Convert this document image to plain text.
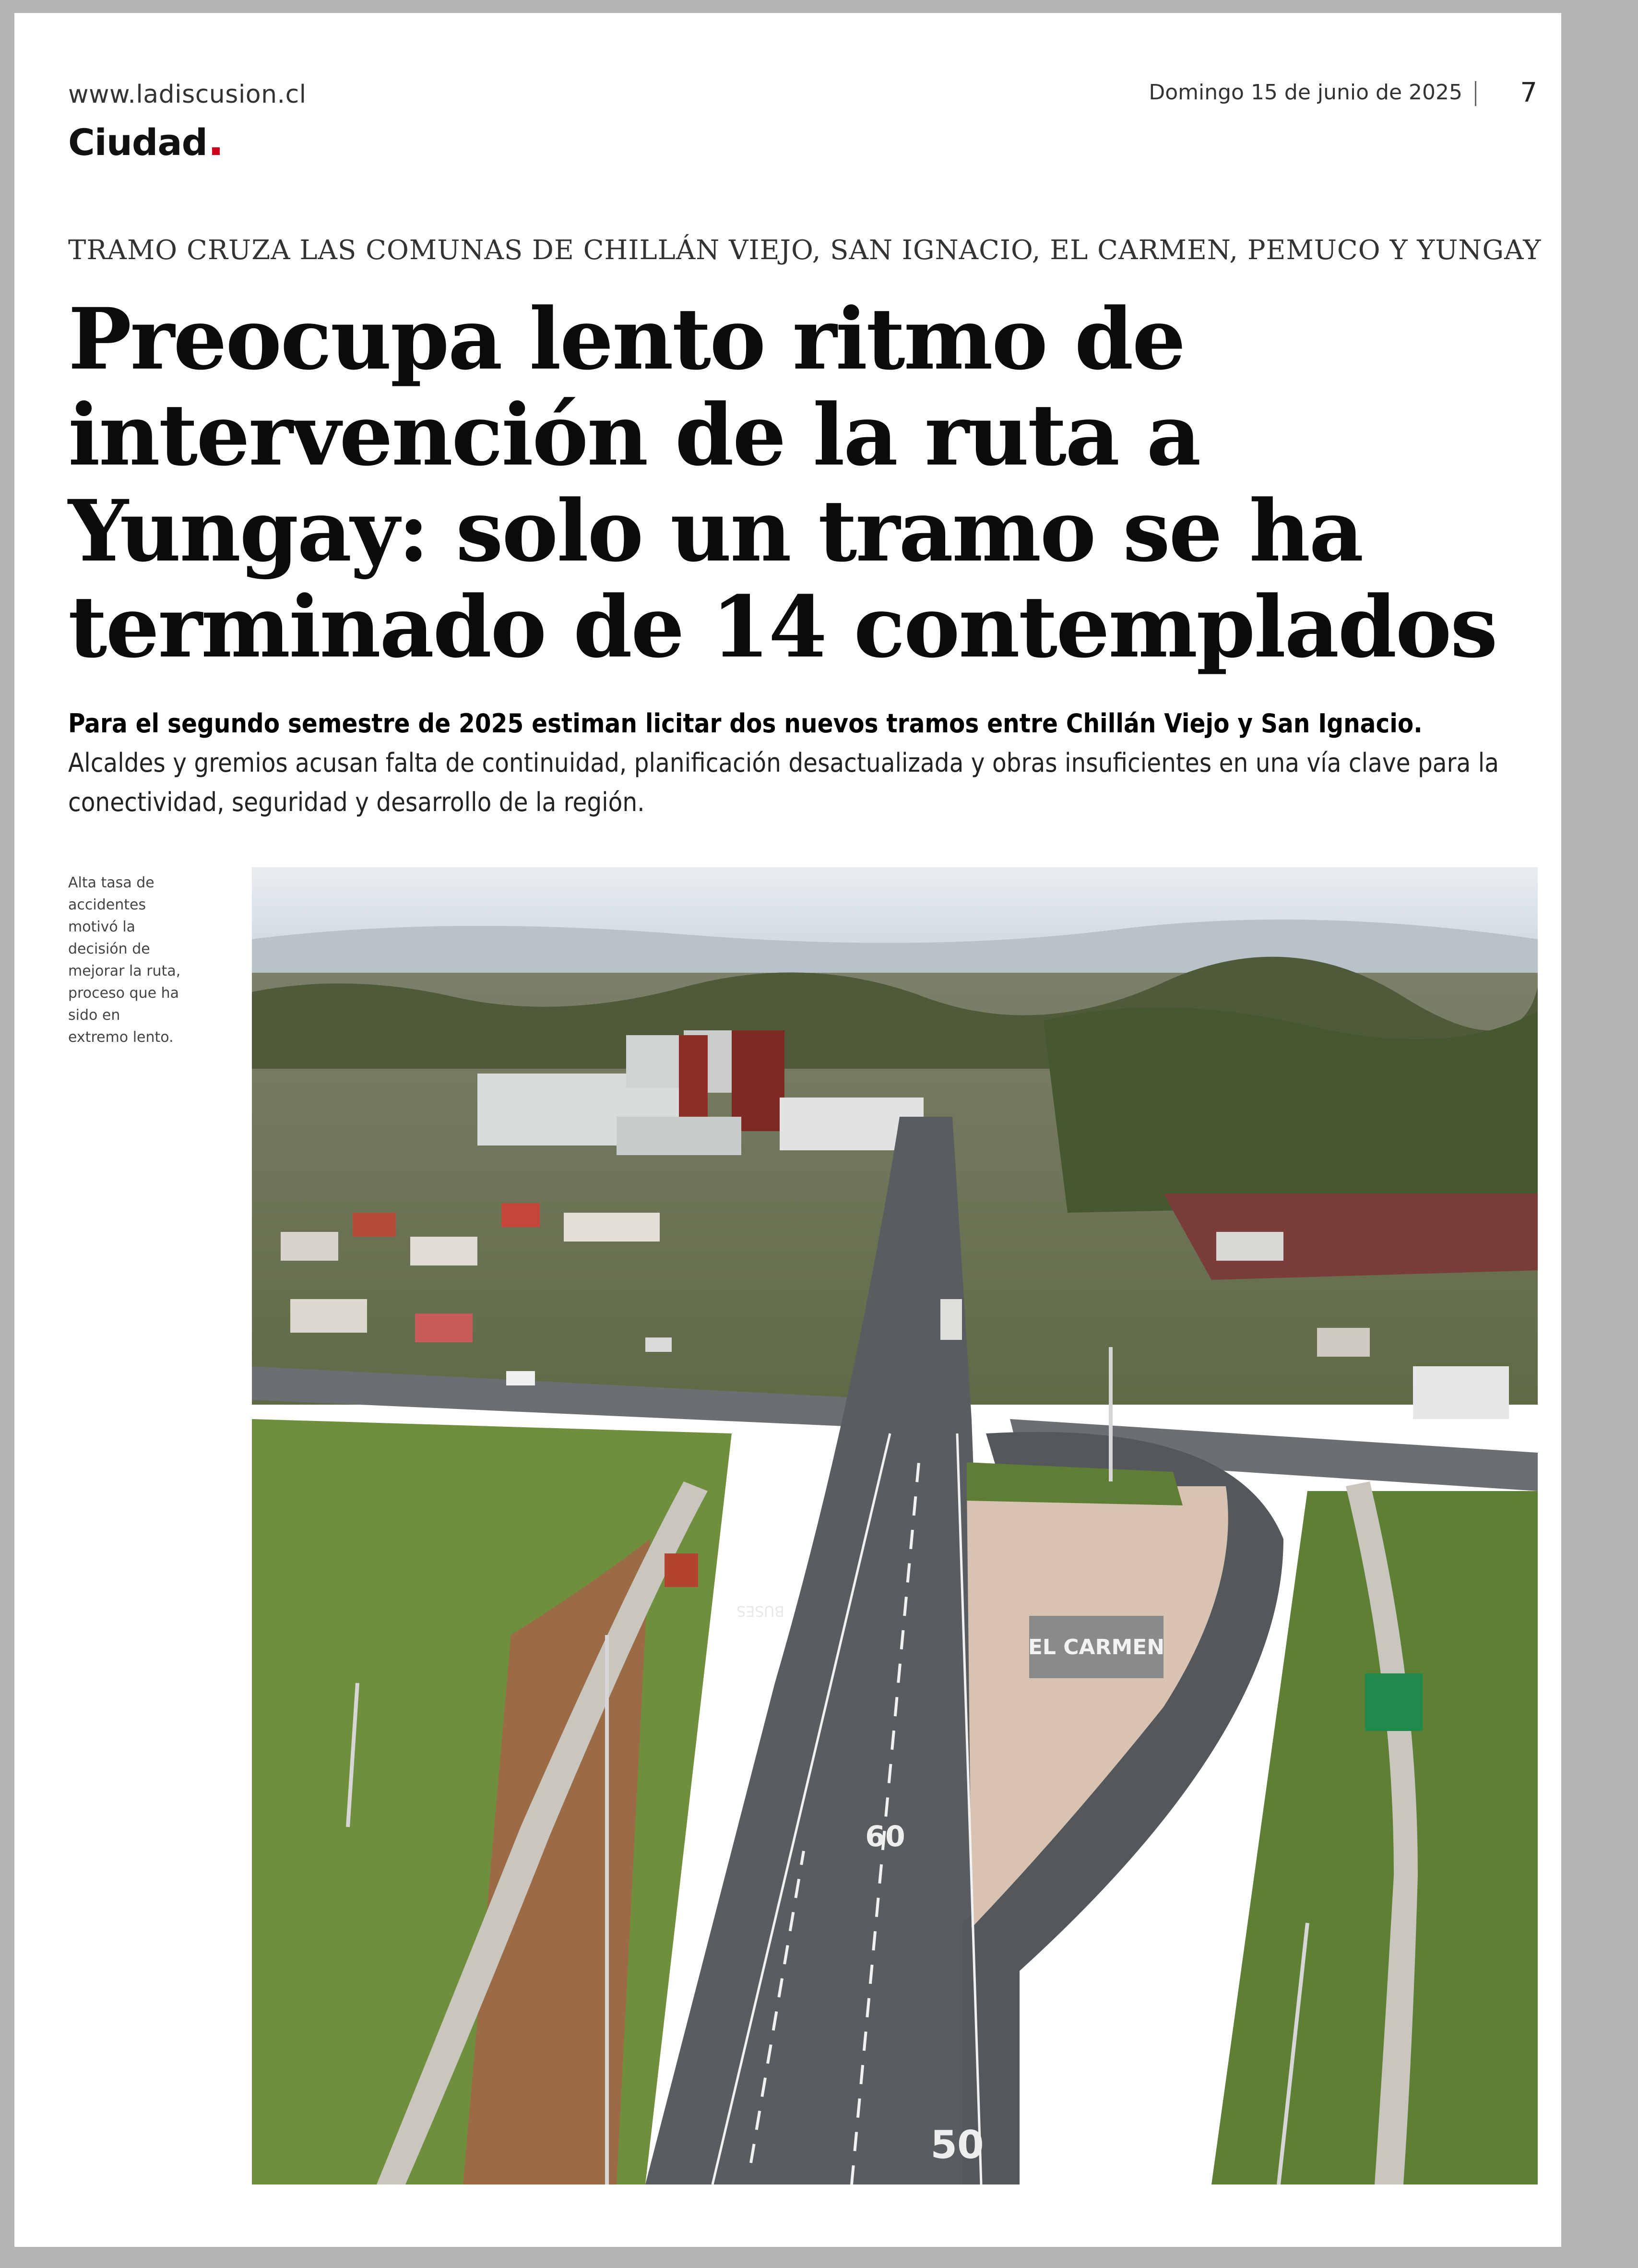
www.ladiscusion.cl	Domingo 15 de junio de 2025	7
Ciudad
TRAMO CRUZA LAS COMUNAS DE CHILLÁN VIEJO, SAN IGNACIO, EL CARMEN, PEMUCO Y YUNGAY
Preocupa lento ritmo de
intervención de la ruta a
Yungay: solo un tramo se ha
terminado de 14 contemplados
Para el segundo semestre de 2025 estiman licitar dos nuevos tramos entre Chillán Viejo y San Ignacio. Alcaldes y gremios acusan falta de continuidad, planificación desactualizada y obras insuficientes en una vía clave para la conectividad, seguridad y desarrollo de la región.
Alta tasa de accidentes motivó la decisión de mejorar la ruta, proceso que ha sido en extremo lento.
EL CARMEN
60
50
BUSES
